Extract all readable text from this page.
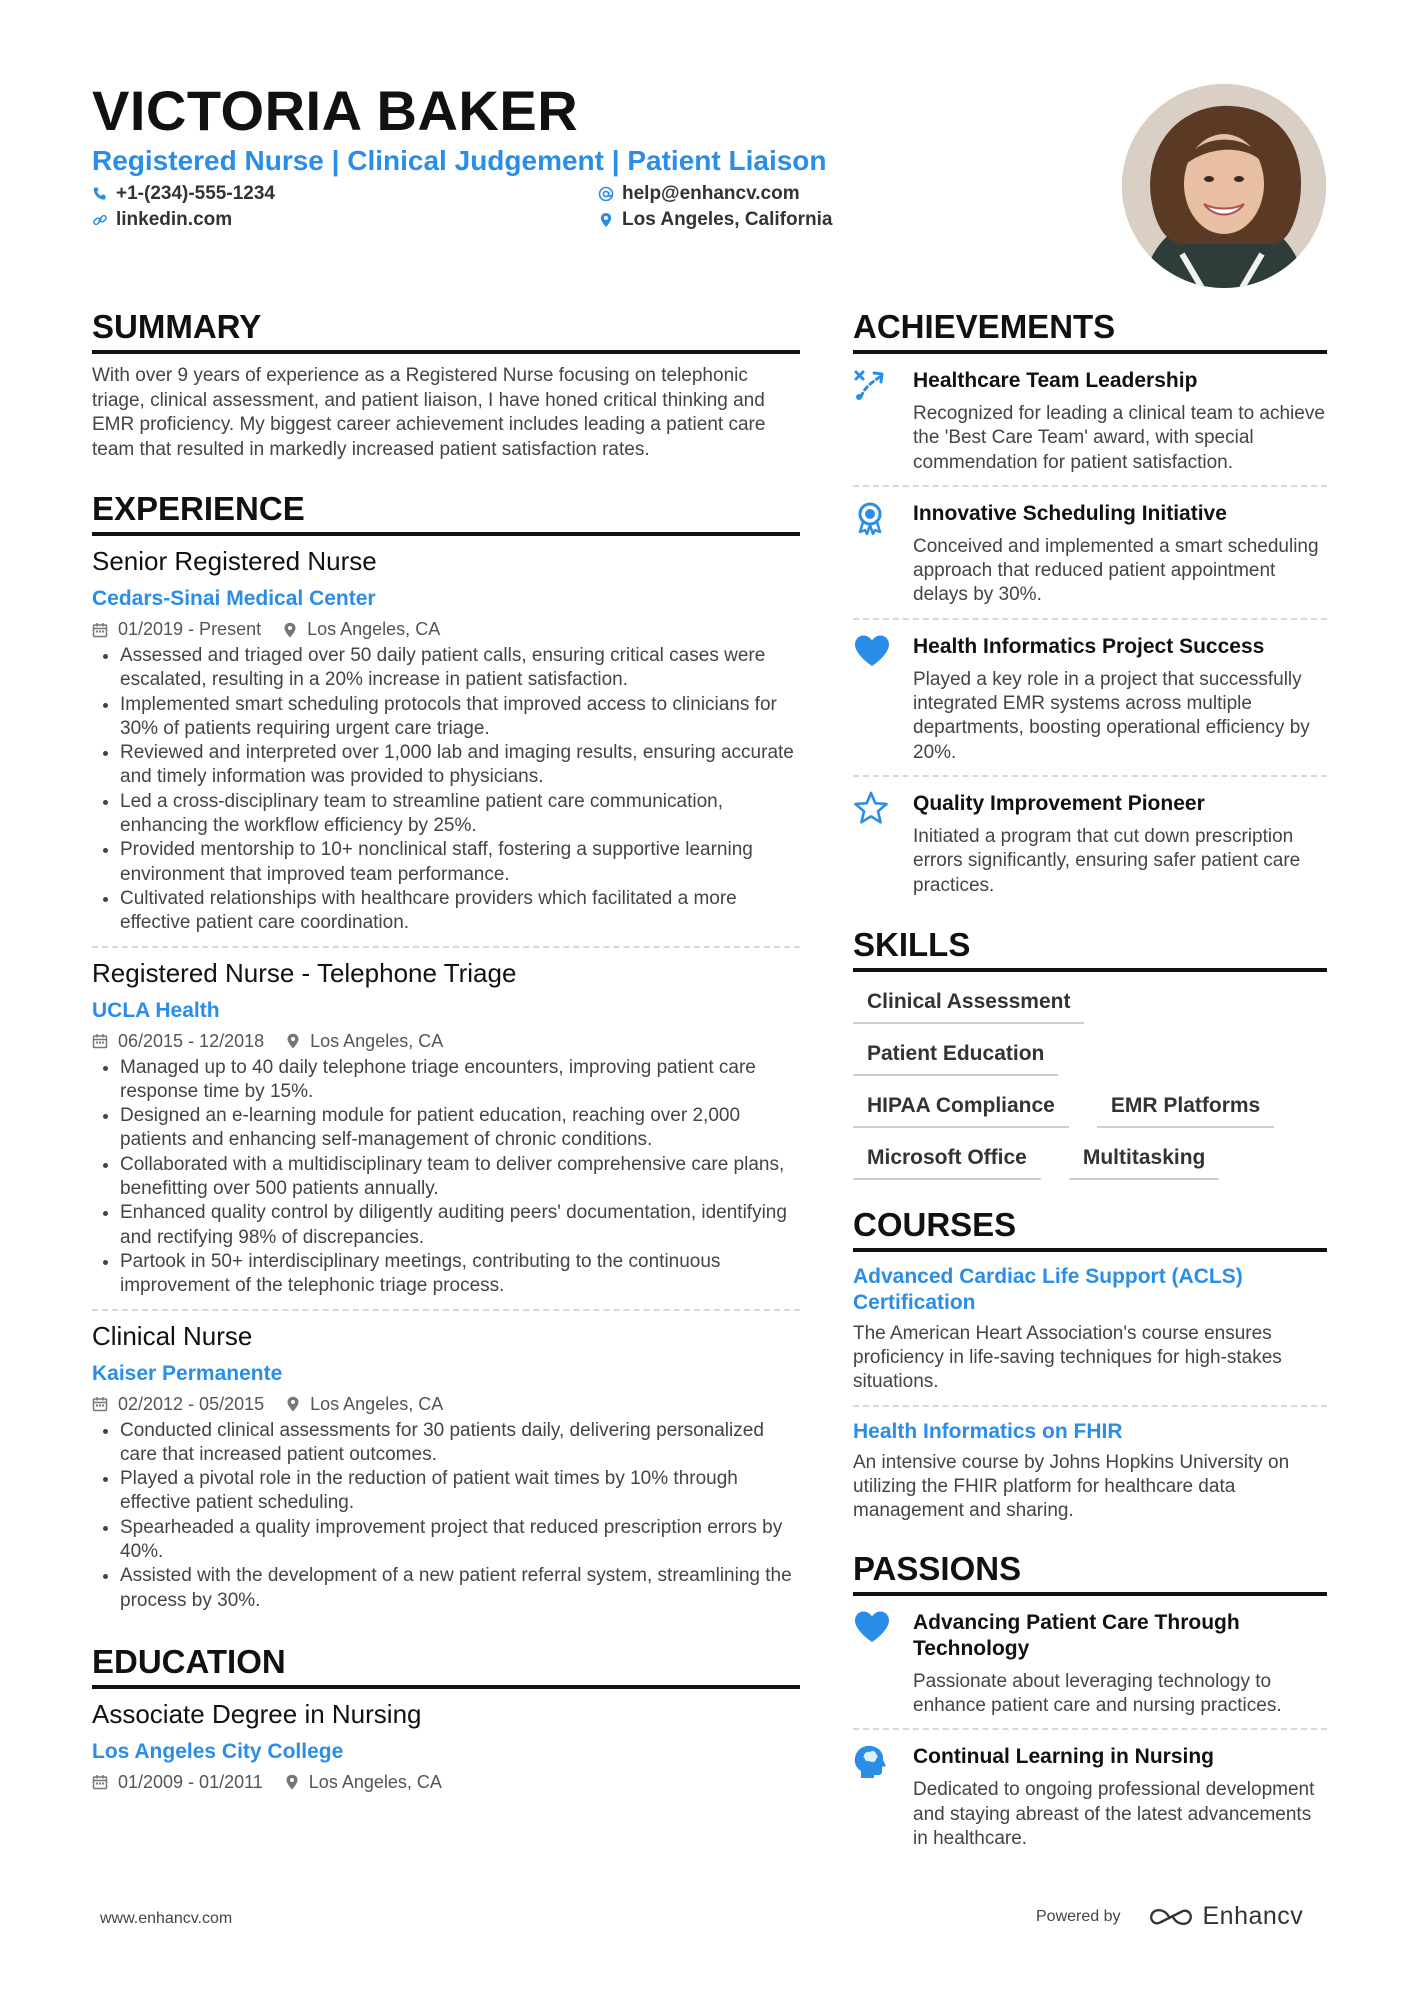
VICTORIA BAKER
Registered Nurse | Clinical Judgement | Patient Liaison
+1-(234)-555-1234	help@enhancv.com
linkedin.com	Los Angeles, California
SUMMARY
With over 9 years of experience as a Registered Nurse focusing on telephonic triage, clinical assessment, and patient liaison, I have honed critical thinking and EMR proficiency. My biggest career achievement includes leading a patient care team that resulted in markedly increased patient satisfaction rates.
EXPERIENCE
Senior Registered Nurse
Cedars-Sinai Medical Center
01/2019 - Present	Los Angeles, CA
• Assessed and triaged over 50 daily patient calls, ensuring critical cases were escalated, resulting in a 20% increase in patient satisfaction.
• Implemented smart scheduling protocols that improved access to clinicians for 30% of patients requiring urgent care triage.
• Reviewed and interpreted over 1,000 lab and imaging results, ensuring accurate and timely information was provided to physicians.
• Led a cross-disciplinary team to streamline patient care communication, enhancing the workflow efficiency by 25%.
• Provided mentorship to 10+ nonclinical staff, fostering a supportive learning environment that improved team performance.
• Cultivated relationships with healthcare providers which facilitated a more effective patient care coordination.
Registered Nurse - Telephone Triage
UCLA Health
06/2015 - 12/2018	Los Angeles, CA
• Managed up to 40 daily telephone triage encounters, improving patient care response time by 15%.
• Designed an e-learning module for patient education, reaching over 2,000 patients and enhancing self-management of chronic conditions.
• Collaborated with a multidisciplinary team to deliver comprehensive care plans, benefitting over 500 patients annually.
• Enhanced quality control by diligently auditing peers' documentation, identifying and rectifying 98% of discrepancies.
• Partook in 50+ interdisciplinary meetings, contributing to the continuous improvement of the telephonic triage process.
Clinical Nurse
Kaiser Permanente
02/2012 - 05/2015	Los Angeles, CA
• Conducted clinical assessments for 30 patients daily, delivering personalized care that increased patient outcomes.
• Played a pivotal role in the reduction of patient wait times by 10% through effective patient scheduling.
• Spearheaded a quality improvement project that reduced prescription errors by 40%.
• Assisted with the development of a new patient referral system, streamlining the process by 30%.
EDUCATION
Associate Degree in Nursing
Los Angeles City College
01/2009 - 01/2011	Los Angeles, CA
ACHIEVEMENTS
Healthcare Team Leadership
Recognized for leading a clinical team to achieve the 'Best Care Team' award, with special commendation for patient satisfaction.
Innovative Scheduling Initiative
Conceived and implemented a smart scheduling approach that reduced patient appointment delays by 30%.
Health Informatics Project Success
Played a key role in a project that successfully integrated EMR systems across multiple departments, boosting operational efficiency by 20%.
Quality Improvement Pioneer
Initiated a program that cut down prescription errors significantly, ensuring safer patient care practices.
SKILLS
Clinical Assessment
Patient Education
HIPAA Compliance	EMR Platforms
Microsoft Office	Multitasking
COURSES
Advanced Cardiac Life Support (ACLS) Certification
The American Heart Association's course ensures proficiency in life-saving techniques for high-stakes situations.
Health Informatics on FHIR
An intensive course by Johns Hopkins University on utilizing the FHIR platform for healthcare data management and sharing.
PASSIONS
Advancing Patient Care Through Technology
Passionate about leveraging technology to enhance patient care and nursing practices.
Continual Learning in Nursing
Dedicated to ongoing professional development and staying abreast of the latest advancements in healthcare.
www.enhancv.com	Powered by	Enhancv
